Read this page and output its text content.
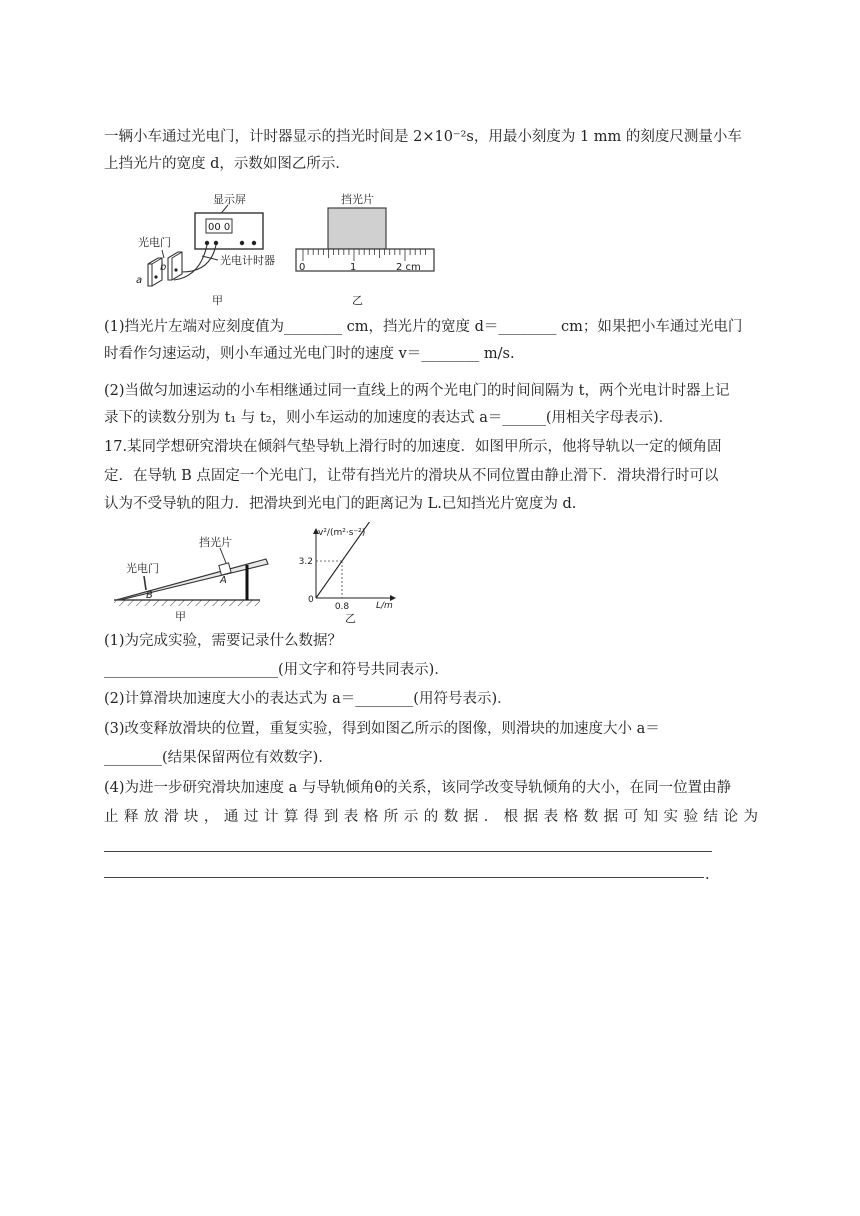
一辆小车通过光电门，计时器显示的挡光时间是 2×10⁻²s，用最小刻度为 1 mm 的刻度尺测量小车
上挡光片的宽度 d，示数如图乙所示．
显示屏
00 0
光电计时器
光电门
a
b
甲
挡光片
0	1	2 cm
乙
(1)挡光片左端对应刻度值为________ cm，挡光片的宽度 d＝________ cm；如果把小车通过光电门
时看作匀速运动，则小车通过光电门时的速度 v＝________ m/s.
(2)当做匀加速运动的小车相继通过同一直线上的两个光电门的时间间隔为 t，两个光电计时器上记
录下的读数分别为 t₁ 与 t₂，则小车运动的加速度的表达式 a＝______(用相关字母表示)．
17.某同学想研究滑块在倾斜气垫导轨上滑行时的加速度．如图甲所示，他将导轨以一定的倾角固
定．在导轨 B 点固定一个光电门，让带有挡光片的滑块从不同位置由静止滑下．滑块滑行时可以
认为不受导轨的阻力．把滑块到光电门的距离记为 L.已知挡光片宽度为 d.
挡光片
A
光电门
B
甲
v²/(m²·s⁻²)
L/m
0
3.2
0.8
乙
(1)为完成实验，需要记录什么数据？
________________________(用文字和符号共同表示)．
(2)计算滑块加速度大小的表达式为 a＝________(用符号表示)．
(3)改变释放滑块的位置，重复实验，得到如图乙所示的图像，则滑块的加速度大小 a＝
________(结果保留两位有效数字)．
(4)为进一步研究滑块加速度 a 与导轨倾角θ的关系，该同学改变导轨倾角的大小，在同一位置由静
止释放滑块，通过计算得到表格所示的数据．根据表格数据可知实验结论为
.
